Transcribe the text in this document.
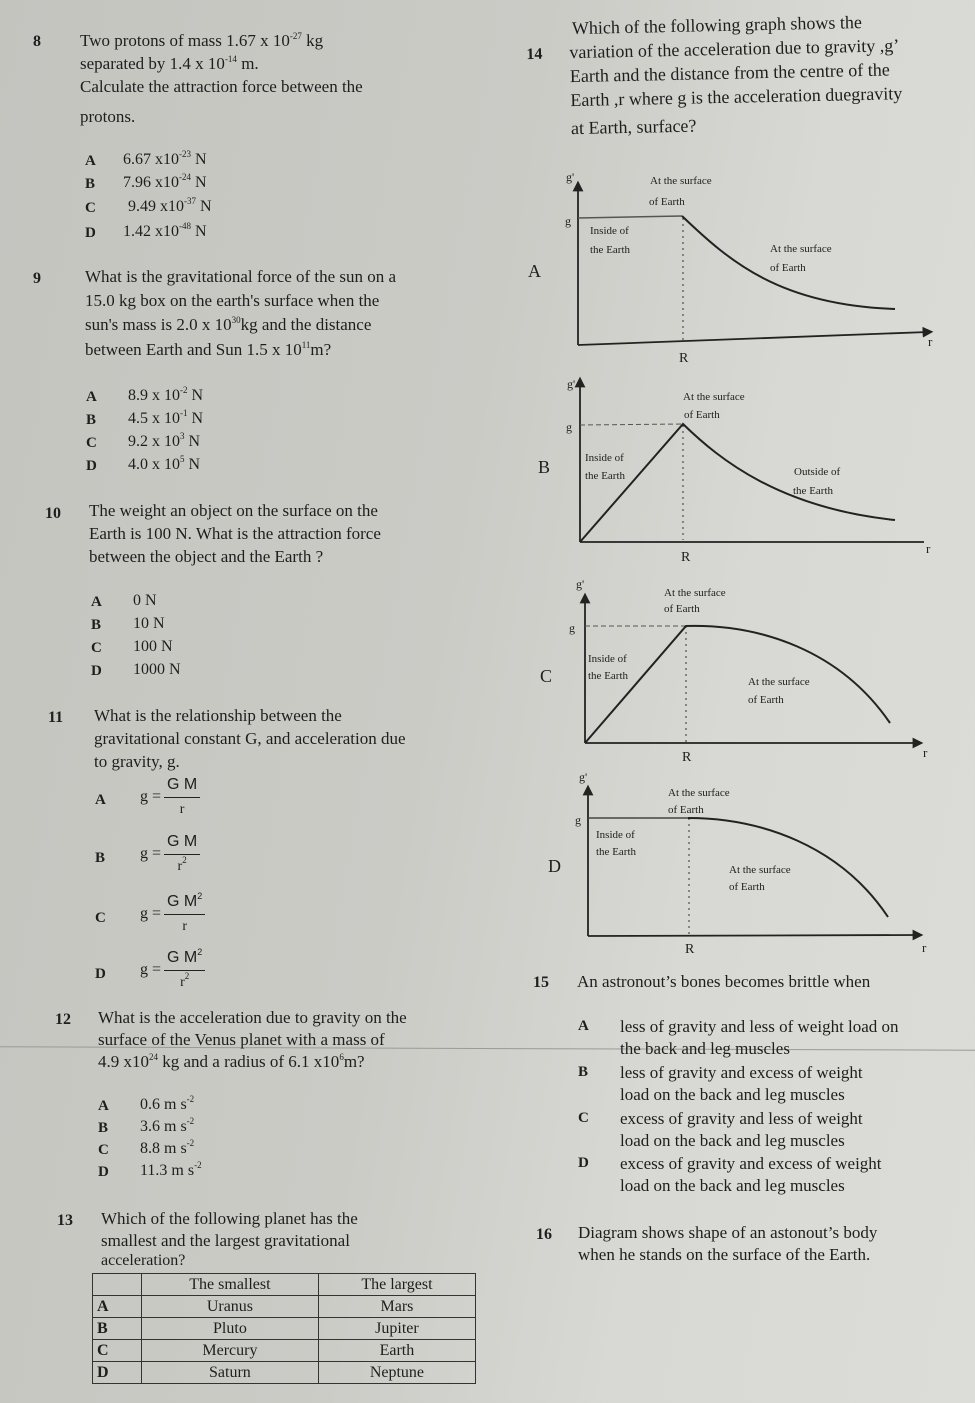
8 Two protons of mass 1.67 x $10^{-27}$ kg
separated by 1.4 x $10^{-14}$ m.
Calculate the attraction force between the
protons.
A 6.67 $x10^{-23}$ N
B 7.96 $x10^{-24}$ N
C 9.49 $x10^{-37}$ N
D 1.42 $x10^{-48}$ N
9	What is the gravitational force of the sun on a
15.0 kg box on the earth's surface when the
sun's mass is 2.0 x $10^{30}kg$ and the distance
between Earth and Sun 1.5 x $10^{11}m$?
A 8.9 x $10^{-2}$ N
B 4.5 x $10^{-1}$ N
C 9.2 x $10^3$ N
D 4.0 x $10^5$ N
10 The weight an object on the surface on the
Earth is 100 N. What is the attraction force
between the object and the Earth ?
A 0 N
B 10 N
C 100 N
D 1000 N
11 What is the relationship between the
gravitational constant G, and acceleration due
to gravity, g.
A $g = \frac{\text{G M}}{r}$
B $g = \frac{\text{G M}}{r^2}$
C $g = \frac{G M^2}{r}$
D $g = \frac{G M^2}{r^2}$
12 What is the acceleration due to gravity on the
surface of the Venus planet with a mass of
4.9 $x10^{24}$ kg and a radius of 6.1 $x10^6m$?
A 0.6 m $s^{-2}$
B 3.6 m $s^{-2}$
C 8.8 m $s^{-2}$
D 11.3 m $s^{-2}$
13 Which of the following planet has the
smallest and the largest gravitational
acceleration?
	The smallest	The largest
A	Uranus	Mars
B	Pluto	Jupiter
C	Mercury	Earth
D	Saturn	Neptune
14
Which of the following graph shows the
variation of the acceleration due to gravity ,g’
Earth and the distance from the centre of the
Earth ,r where g is the acceleration duegravity
at Earth, surface?
A
g'
g
At the surface
of Earth
Inside of
the Earth	At the surface
of Earth
R
r
B
g'
g
At the surface
of Earth
Inside of
the Earth	Outside of
the Earth
R
r
C
g'
g
At the surface
of Earth
Inside of
the Earth	At the surface
of Earth
R	r
D
g'
g
At the surface
of Earth
Inside of
the Earth
At the surface
of Earth
R	r
15 An astronout’s bones becomes brittle when
A less of gravity and less of weight load on
the back and leg muscles
B less of gravity and excess of weight
load on the back and leg muscles
C excess of gravity and less of weight
load on the back and leg muscles
D excess of gravity and excess of weight
load on the back and leg muscles
16 Diagram shows shape of an astonout’s body
when he stands on the surface of the Earth.
